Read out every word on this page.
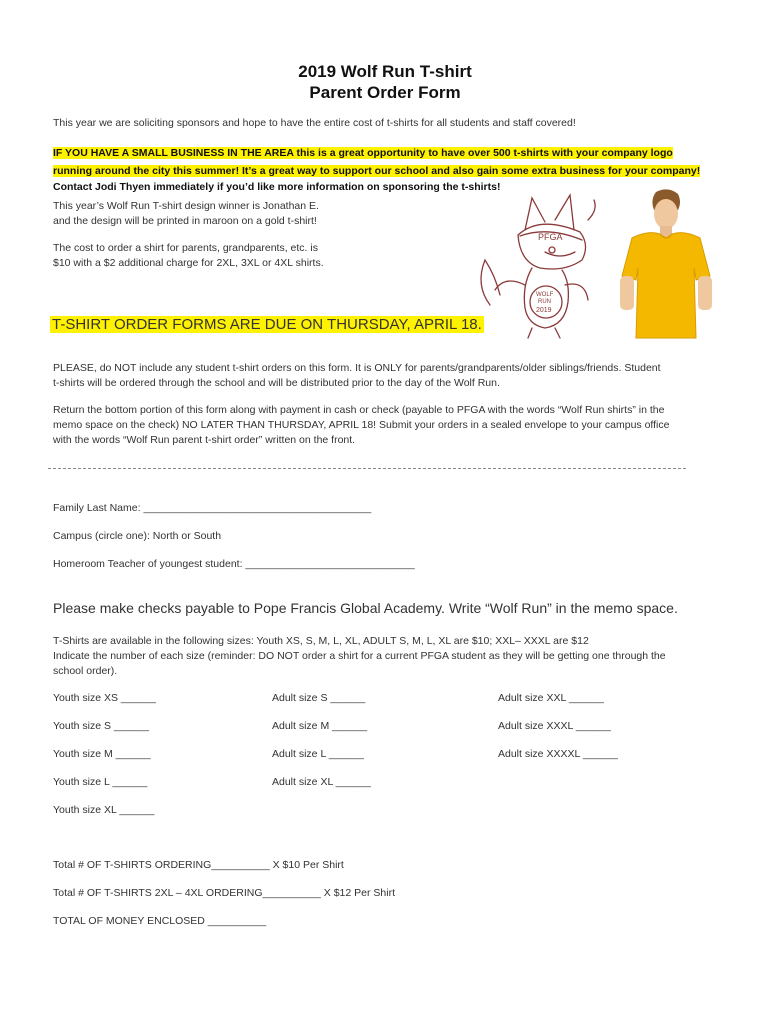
2019 Wolf Run T-shirt
Parent Order Form
This year we are soliciting sponsors and hope to have the entire cost of t-shirts for all students and staff covered!
IF YOU HAVE A SMALL BUSINESS IN THE AREA this is a great opportunity to have over 500 t-shirts with your company logo
running around the city this summer! It’s a great way to support our school and also gain some extra business for your company!
Contact Jodi Thyen immediately if you’d like more information on sponsoring the t-shirts!
This year’s Wolf Run T-shirt design winner is Jonathan E.
and the design will be printed in maroon on a gold t-shirt!
The cost to order a shirt for parents, grandparents, etc. is
$10 with a $2 additional charge for 2XL, 3XL or 4XL shirts.
PFGA
WOLF
RUN
2019
T-SHIRT ORDER FORMS ARE DUE ON THURSDAY, APRIL 18.
PLEASE, do NOT include any student t-shirt orders on this form. It is ONLY for parents/grandparents/older siblings/friends. Student
t-shirts will be ordered through the school and will be distributed prior to the day of the Wolf Run.
Return the bottom portion of this form along with payment in cash or check (payable to PFGA with the words “Wolf Run shirts” in the
memo space on the check) NO LATER THAN THURSDAY, APRIL 18! Submit your orders in a sealed envelope to your campus office
with the words “Wolf Run parent t-shirt order” written on the front.
Family Last Name: _______________________________________
Campus (circle one): North or South
Homeroom Teacher of youngest student: _____________________________
Please make checks payable to Pope Francis Global Academy. Write “Wolf Run” in the memo space.
T-Shirts are available in the following sizes: Youth XS, S, M, L, XL, ADULT S, M, L, XL are $10; XXL– XXXL are $12
Indicate the number of each size (reminder: DO NOT order a shirt for a current PFGA student as they will be getting one through the
school order).
Youth size XS ______
Youth size S ______
Youth size M ______
Youth size L ______
Youth size XL ______
Adult size S ______
Adult size M ______
Adult size L ______
Adult size XL ______
Adult size XXL ______
Adult size XXXL ______
Adult size XXXXL ______
Total # OF T-SHIRTS ORDERING__________ X $10 Per Shirt
Total # OF T-SHIRTS 2XL – 4XL ORDERING__________ X $12 Per Shirt
TOTAL OF MONEY ENCLOSED __________
